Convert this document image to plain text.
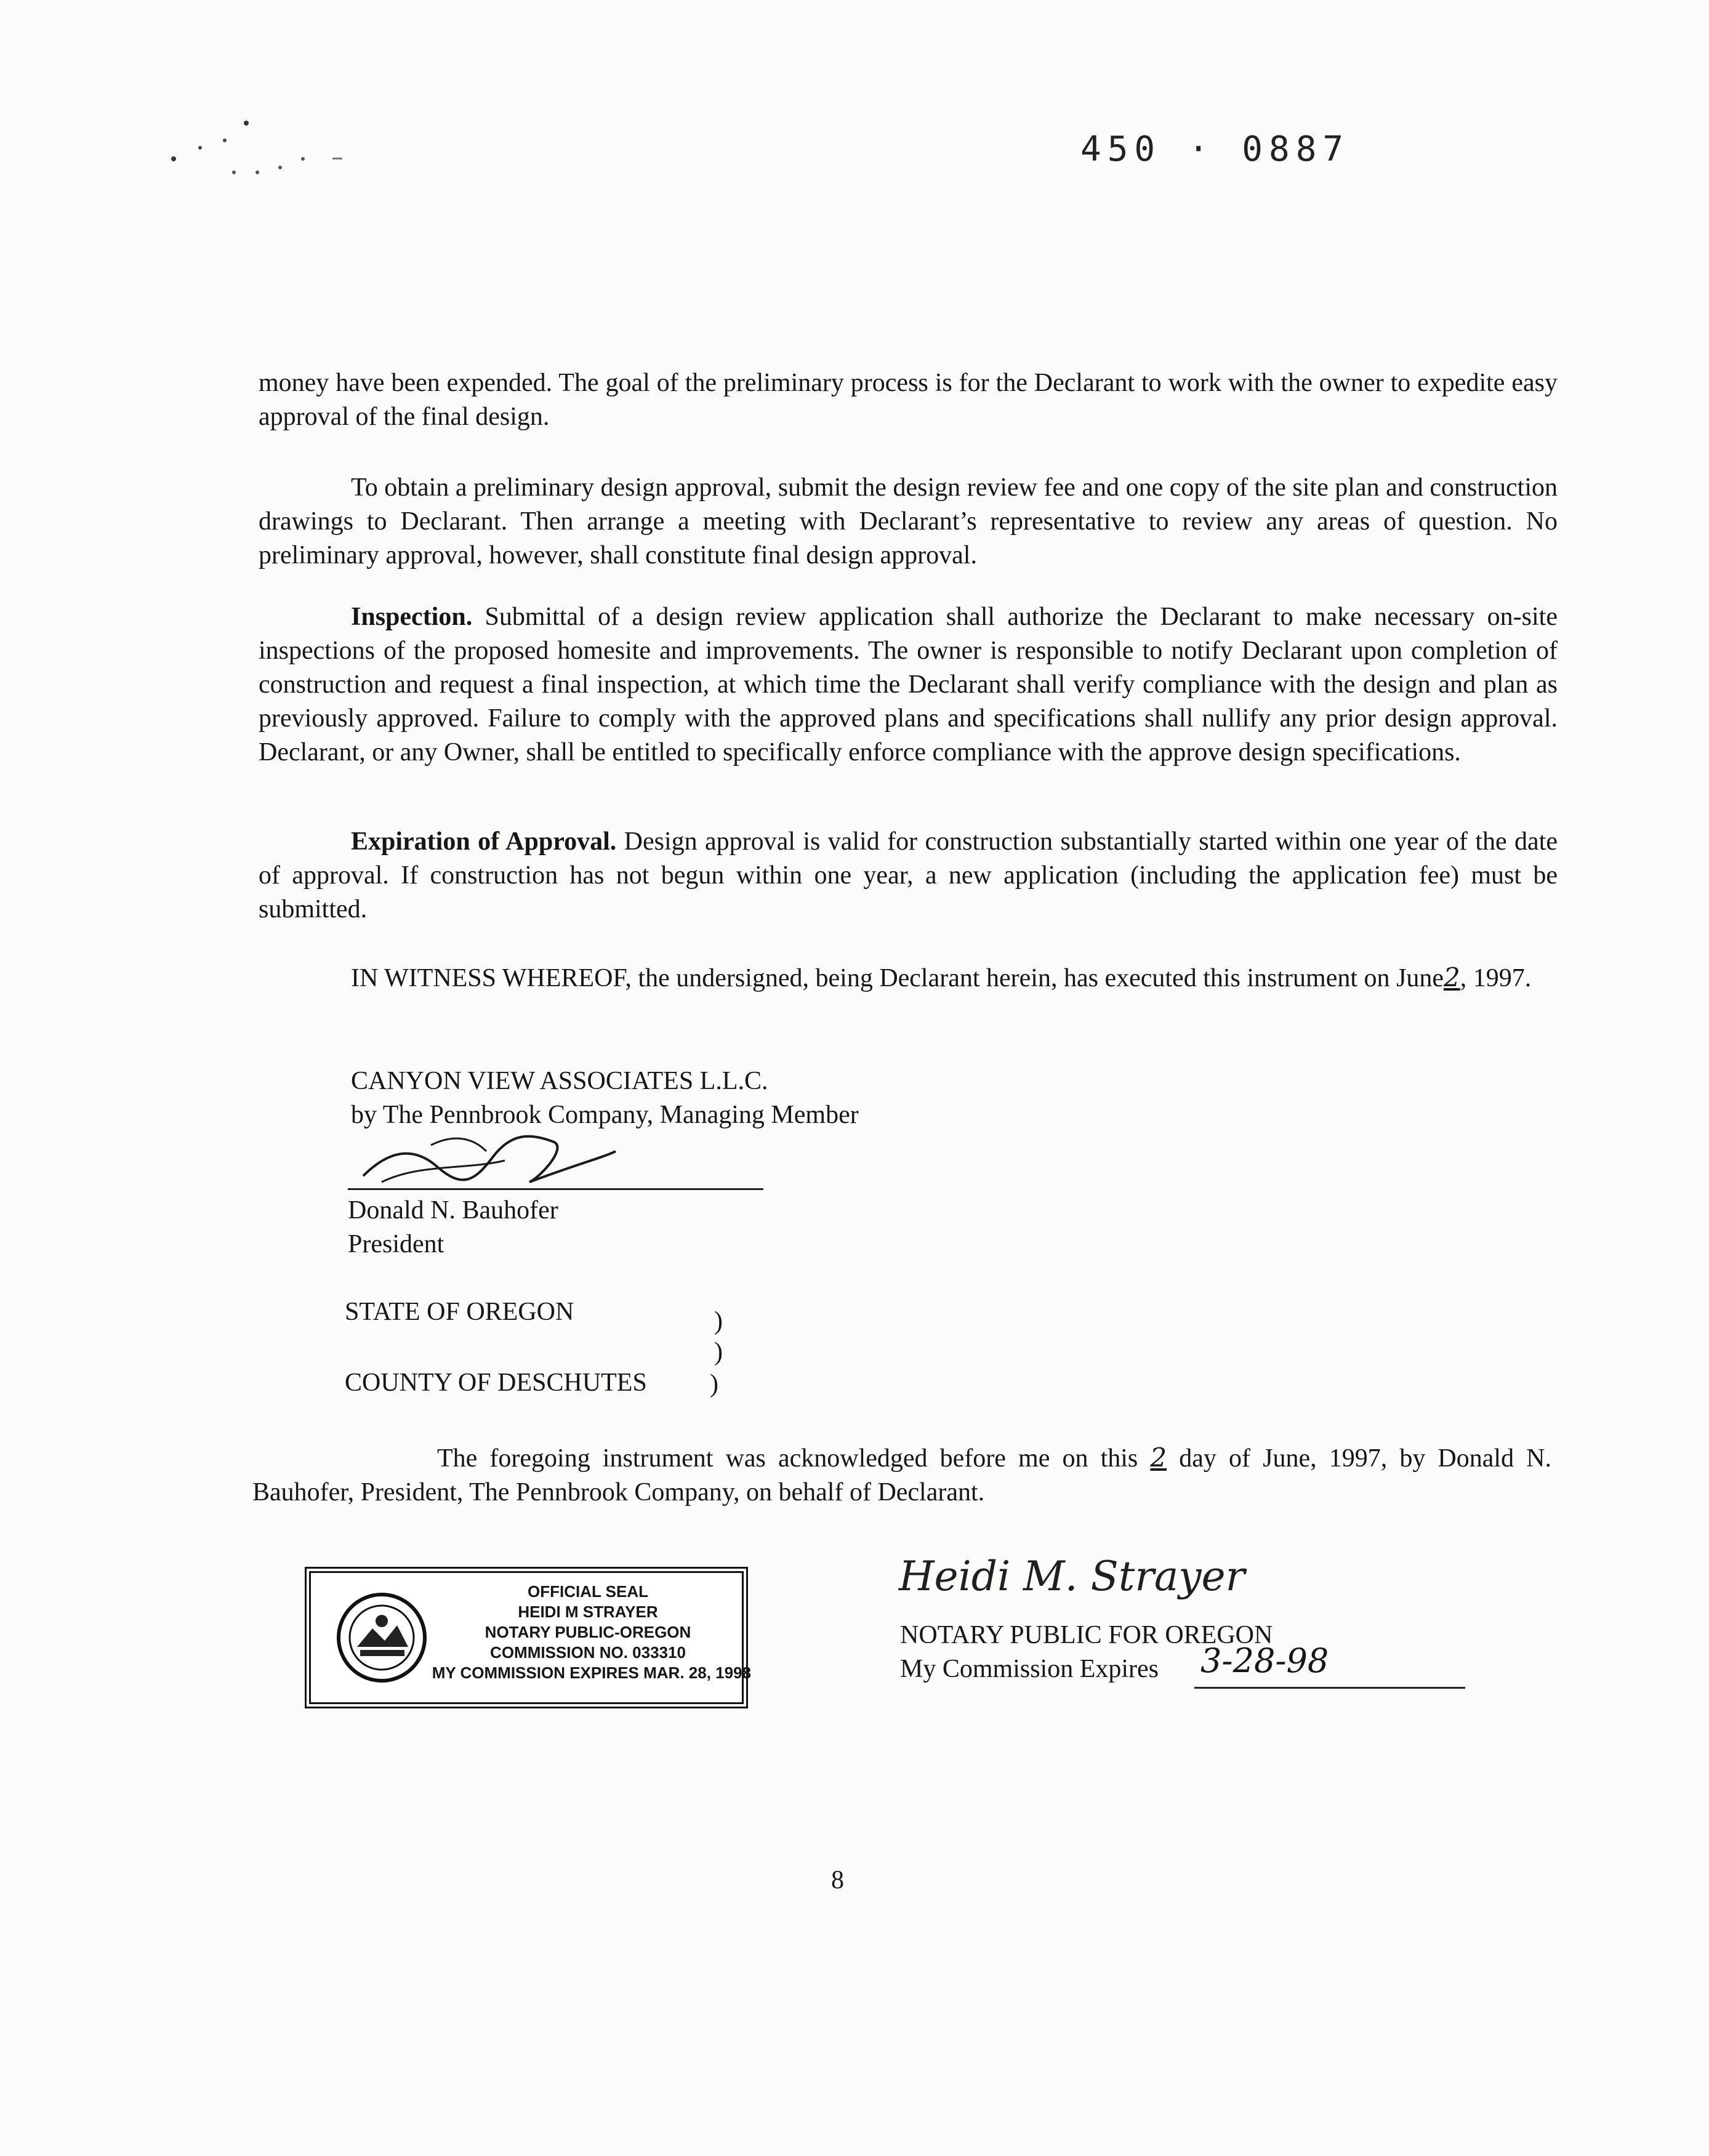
450 · 0887

money have been expended. The goal of the preliminary process is for the Declarant to work with the owner to expedite easy approval of the final design.

To obtain a preliminary design approval, submit the design review fee and one copy of the site plan and construction drawings to Declarant. Then arrange a meeting with Declarant’s representative to review any areas of question. No preliminary approval, however, shall constitute final design approval.

Inspection. Submittal of a design review application shall authorize the Declarant to make necessary on-site inspections of the proposed homesite and improvements. The owner is responsible to notify Declarant upon completion of construction and request a final inspection, at which time the Declarant shall verify compliance with the design and plan as previously approved. Failure to comply with the approved plans and specifications shall nullify any prior design approval. Declarant, or any Owner, shall be entitled to specifically enforce compliance with the approve design specifications.

Expiration of Approval. Design approval is valid for construction substantially started within one year of the date of approval. If construction has not begun within one year, a new application (including the application fee) must be submitted.

IN WITNESS WHEREOF, the undersigned, being Declarant herein, has executed this instrument on June2, 1997.

CANYON VIEW ASSOCIATES L.L.C.
by The Pennbrook Company, Managing Member
Donald N. Bauhofer
President
STATE OF OREGON	)
)
COUNTY OF DESCHUTES )

The foregoing instrument was acknowledged before me on this 2 day of June, 1997, by Donald N. Bauhofer, President, The Pennbrook Company, on behalf of Declarant.

OFFICIAL SEAL
HEIDI M STRAYER
NOTARY PUBLIC-OREGON
COMMISSION NO. 033310
MY COMMISSION EXPIRES MAR. 28, 1998
Heidi M. Strayer
NOTARY PUBLIC FOR OREGON
My Commission Expires 3-28-98
8
